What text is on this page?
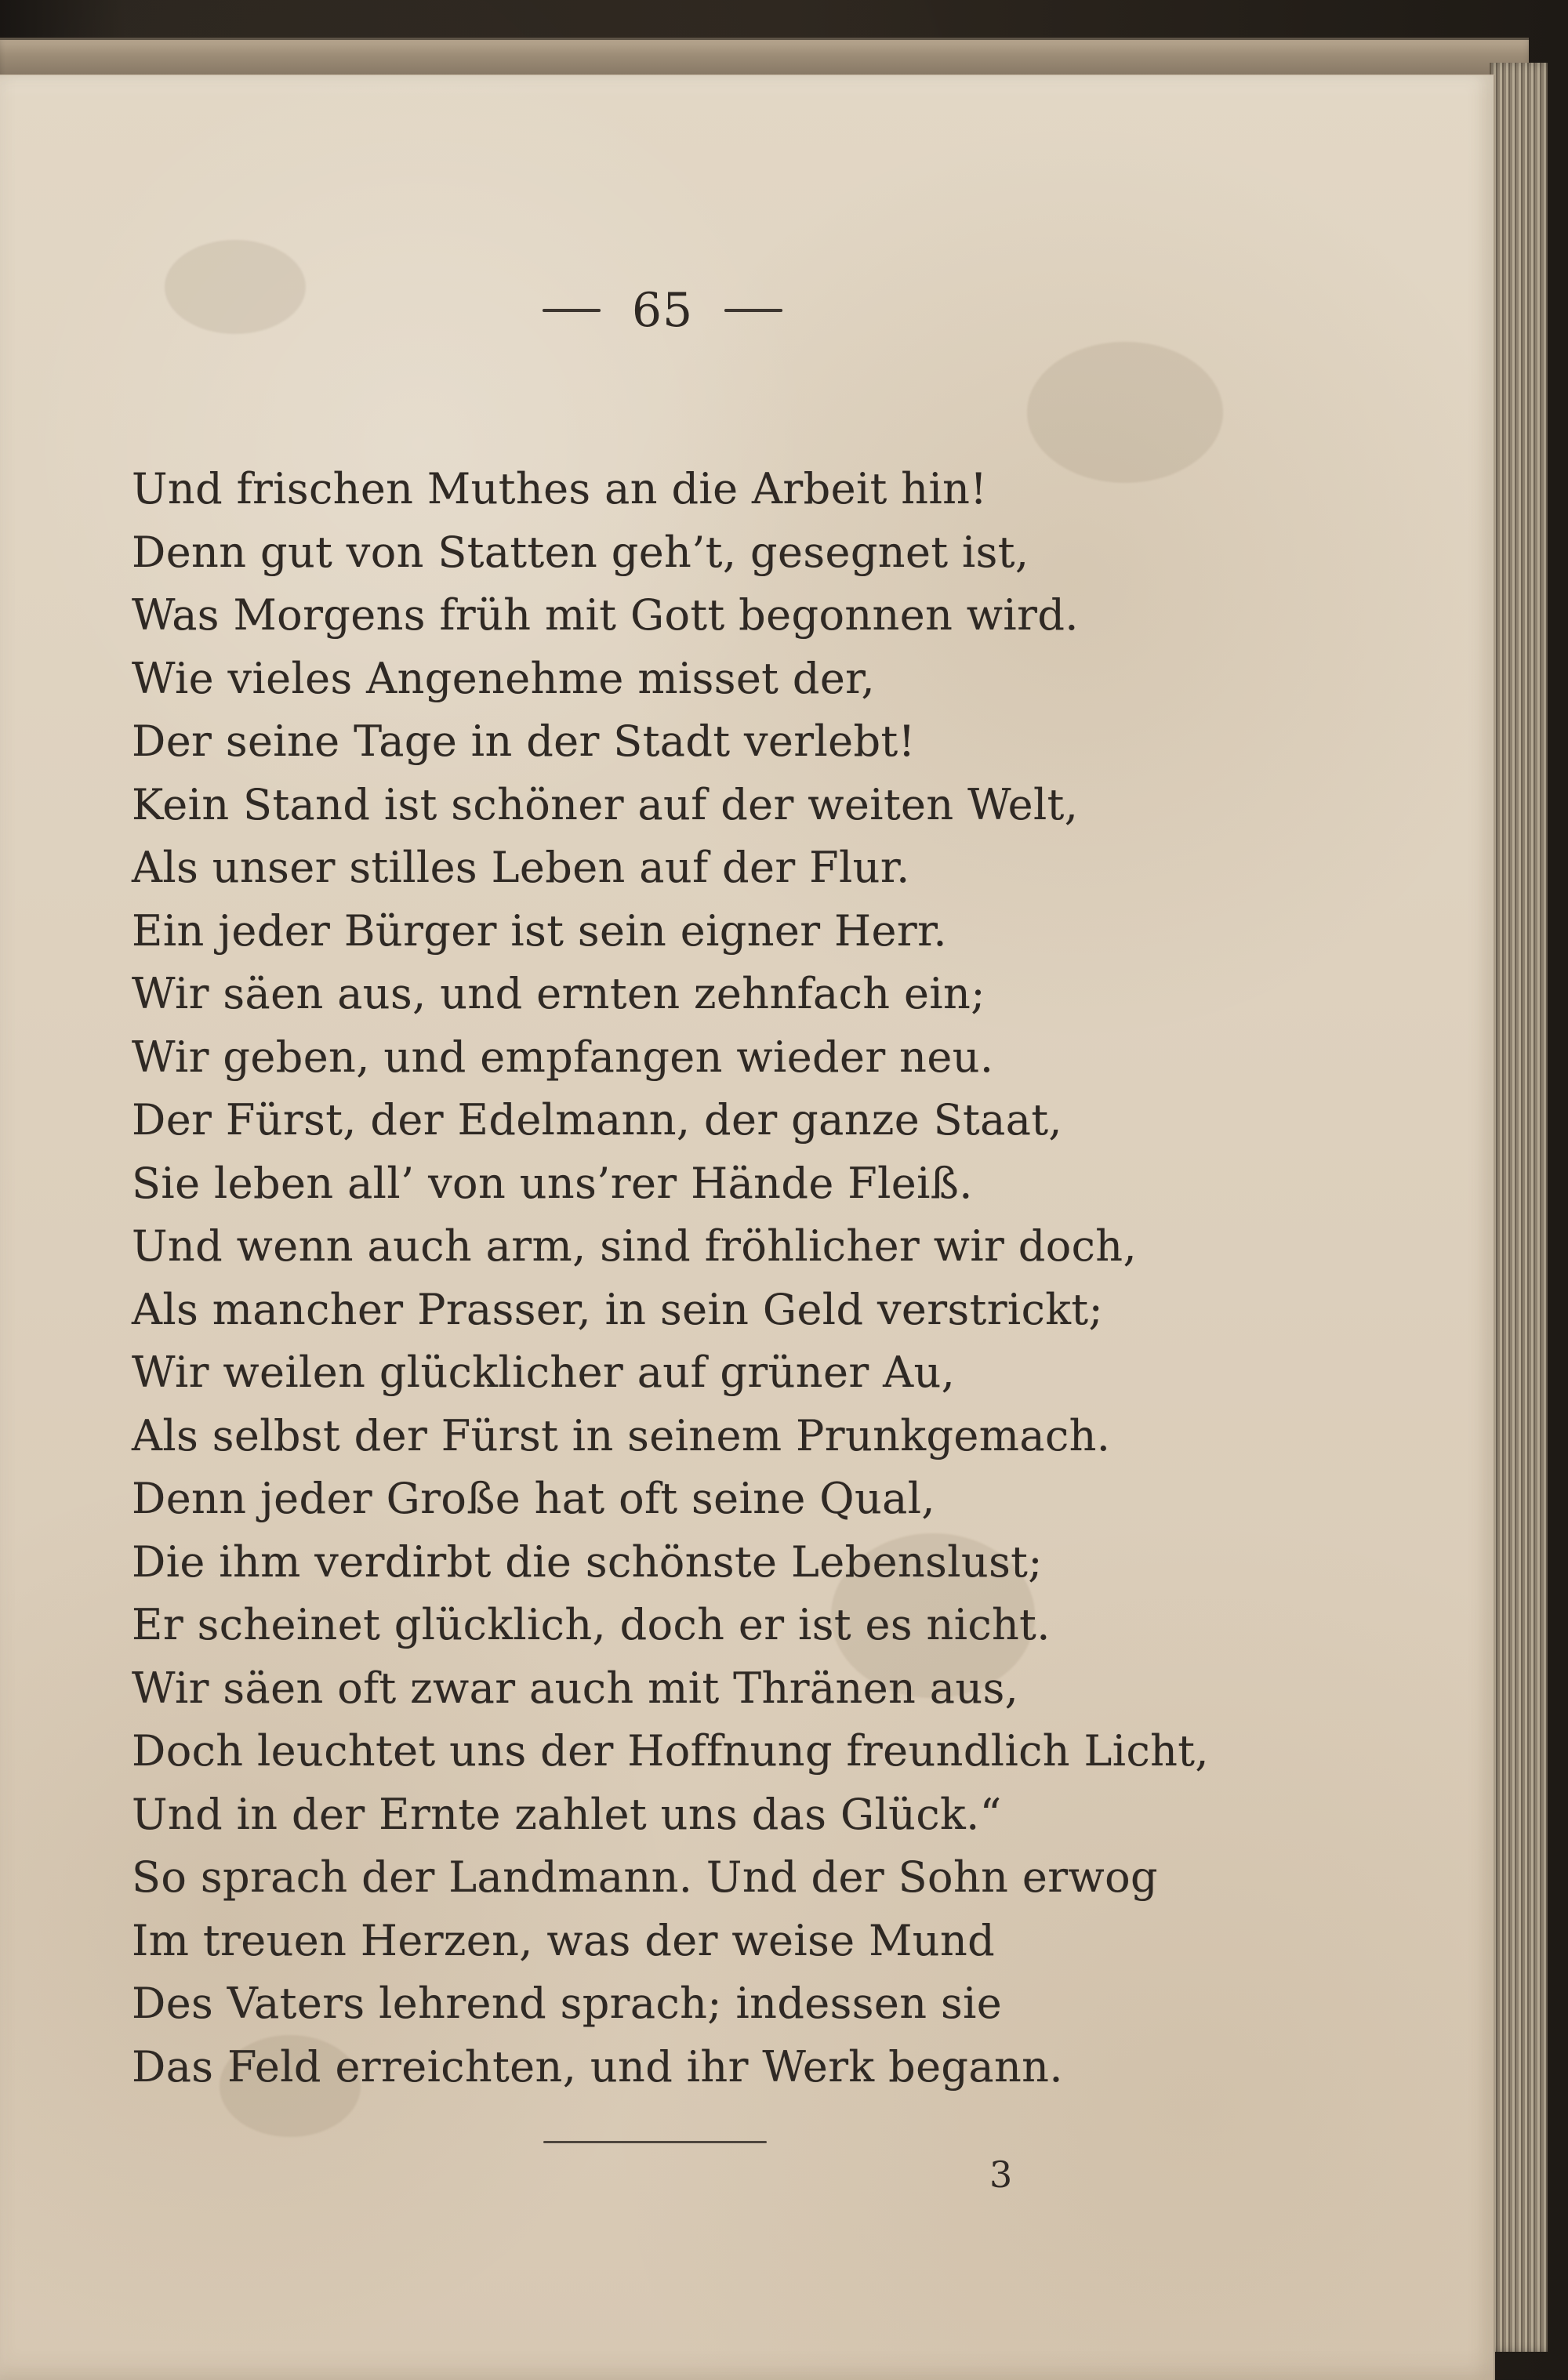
65
Und frischen Muthes an die Arbeit hin!
Denn gut von Statten geh’t, gesegnet ist,
Was Morgens früh mit Gott begonnen wird.
Wie vieles Angenehme misset der,
Der seine Tage in der Stadt verlebt!
Kein Stand ist schöner auf der weiten Welt,
Als unser stilles Leben auf der Flur.
Ein jeder Bürger ist sein eigner Herr.
Wir säen aus, und ernten zehnfach ein;
Wir geben, und empfangen wieder neu.
Der Fürst, der Edelmann, der ganze Staat,
Sie leben all’ von uns’rer Hände Fleiß.
Und wenn auch arm, sind fröhlicher wir doch,
Als mancher Prasser, in sein Geld verstrickt;
Wir weilen glücklicher auf grüner Au,
Als selbst der Fürst in seinem Prunkgemach.
Denn jeder Große hat oft seine Qual,
Die ihm verdirbt die schönste Lebenslust;
Er scheinet glücklich, doch er ist es nicht.
Wir säen oft zwar auch mit Thränen aus,
Doch leuchtet uns der Hoffnung freundlich Licht,
Und in der Ernte zahlet uns das Glück.“
So sprach der Landmann. Und der Sohn erwog
Im treuen Herzen, was der weise Mund
Des Vaters lehrend sprach; indessen sie
Das Feld erreichten, und ihr Werk begann.
3
